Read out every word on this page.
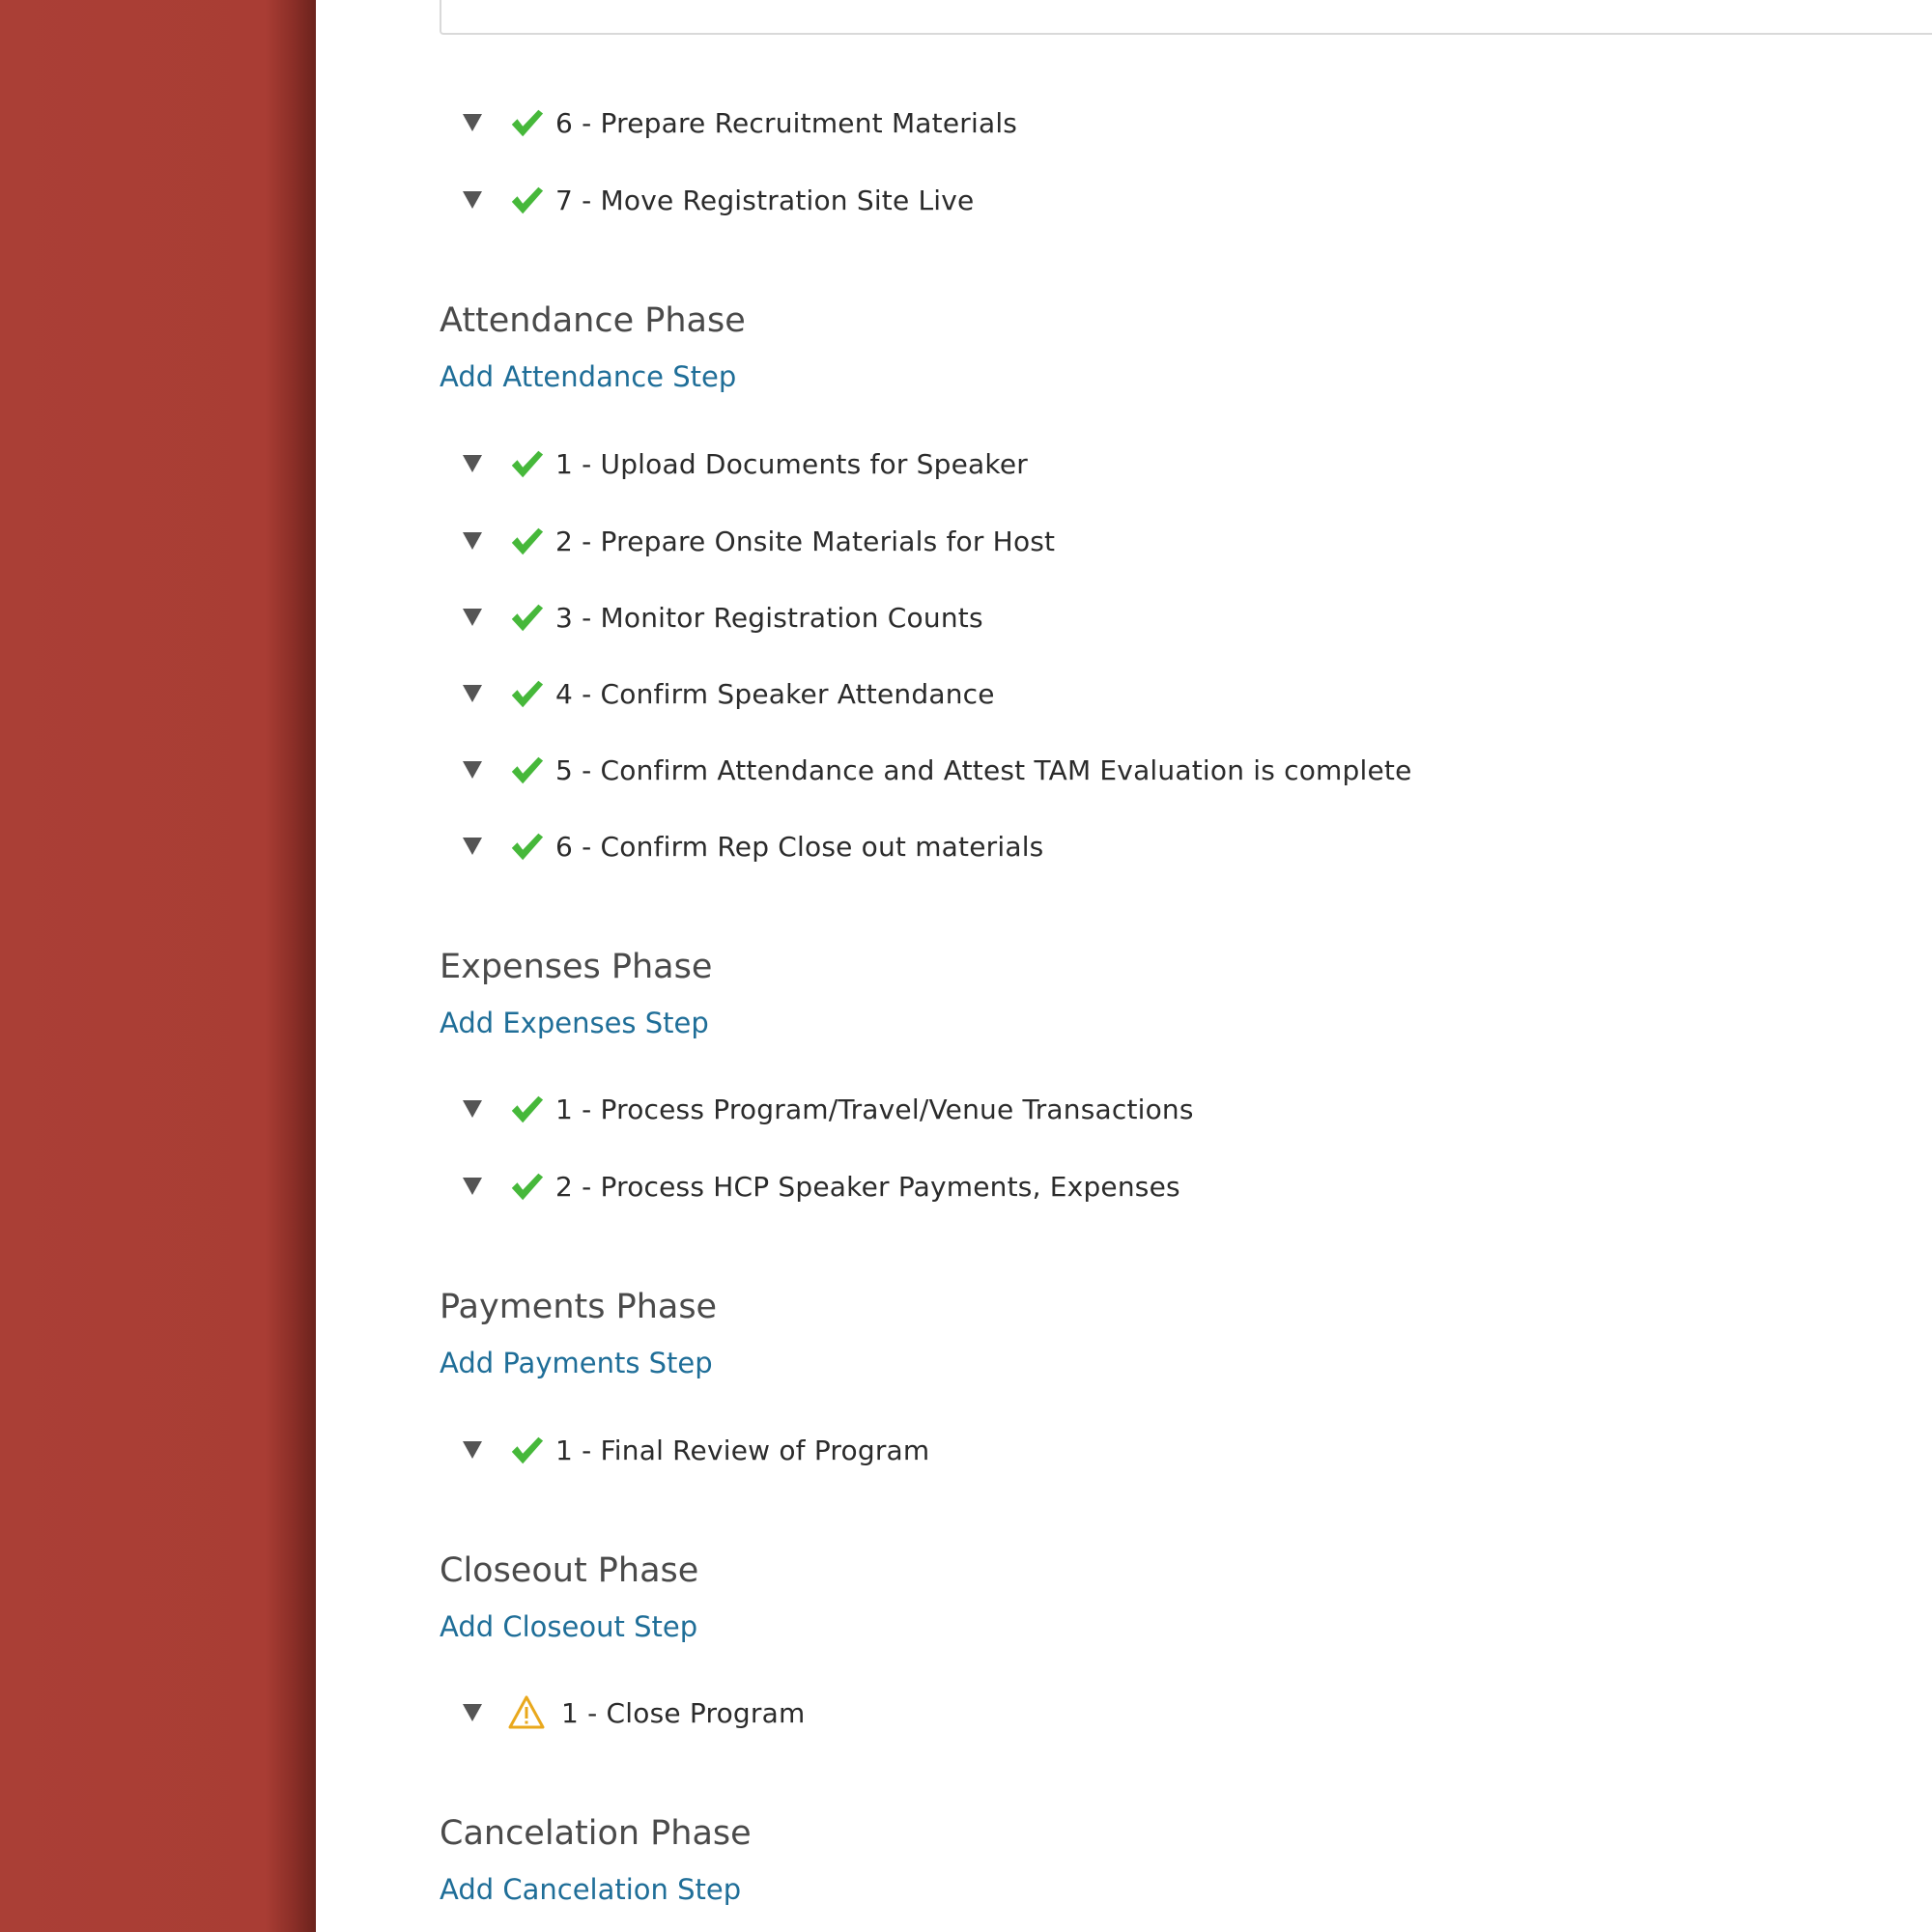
6 - Prepare Recruitment Materials
7 - Move Registration Site Live
Attendance Phase
Add Attendance Step
1 - Upload Documents for Speaker
2 - Prepare Onsite Materials for Host
3 - Monitor Registration Counts
4 - Confirm Speaker Attendance
5 - Confirm Attendance and Attest TAM Evaluation is complete
6 - Confirm Rep Close out materials
Expenses Phase
Add Expenses Step
1 - Process Program/Travel/Venue Transactions
2 - Process HCP Speaker Payments, Expenses
Payments Phase
Add Payments Step
1 - Final Review of Program
Closeout Phase
Add Closeout Step
1 - Close Program
Cancelation Phase
Add Cancelation Step
